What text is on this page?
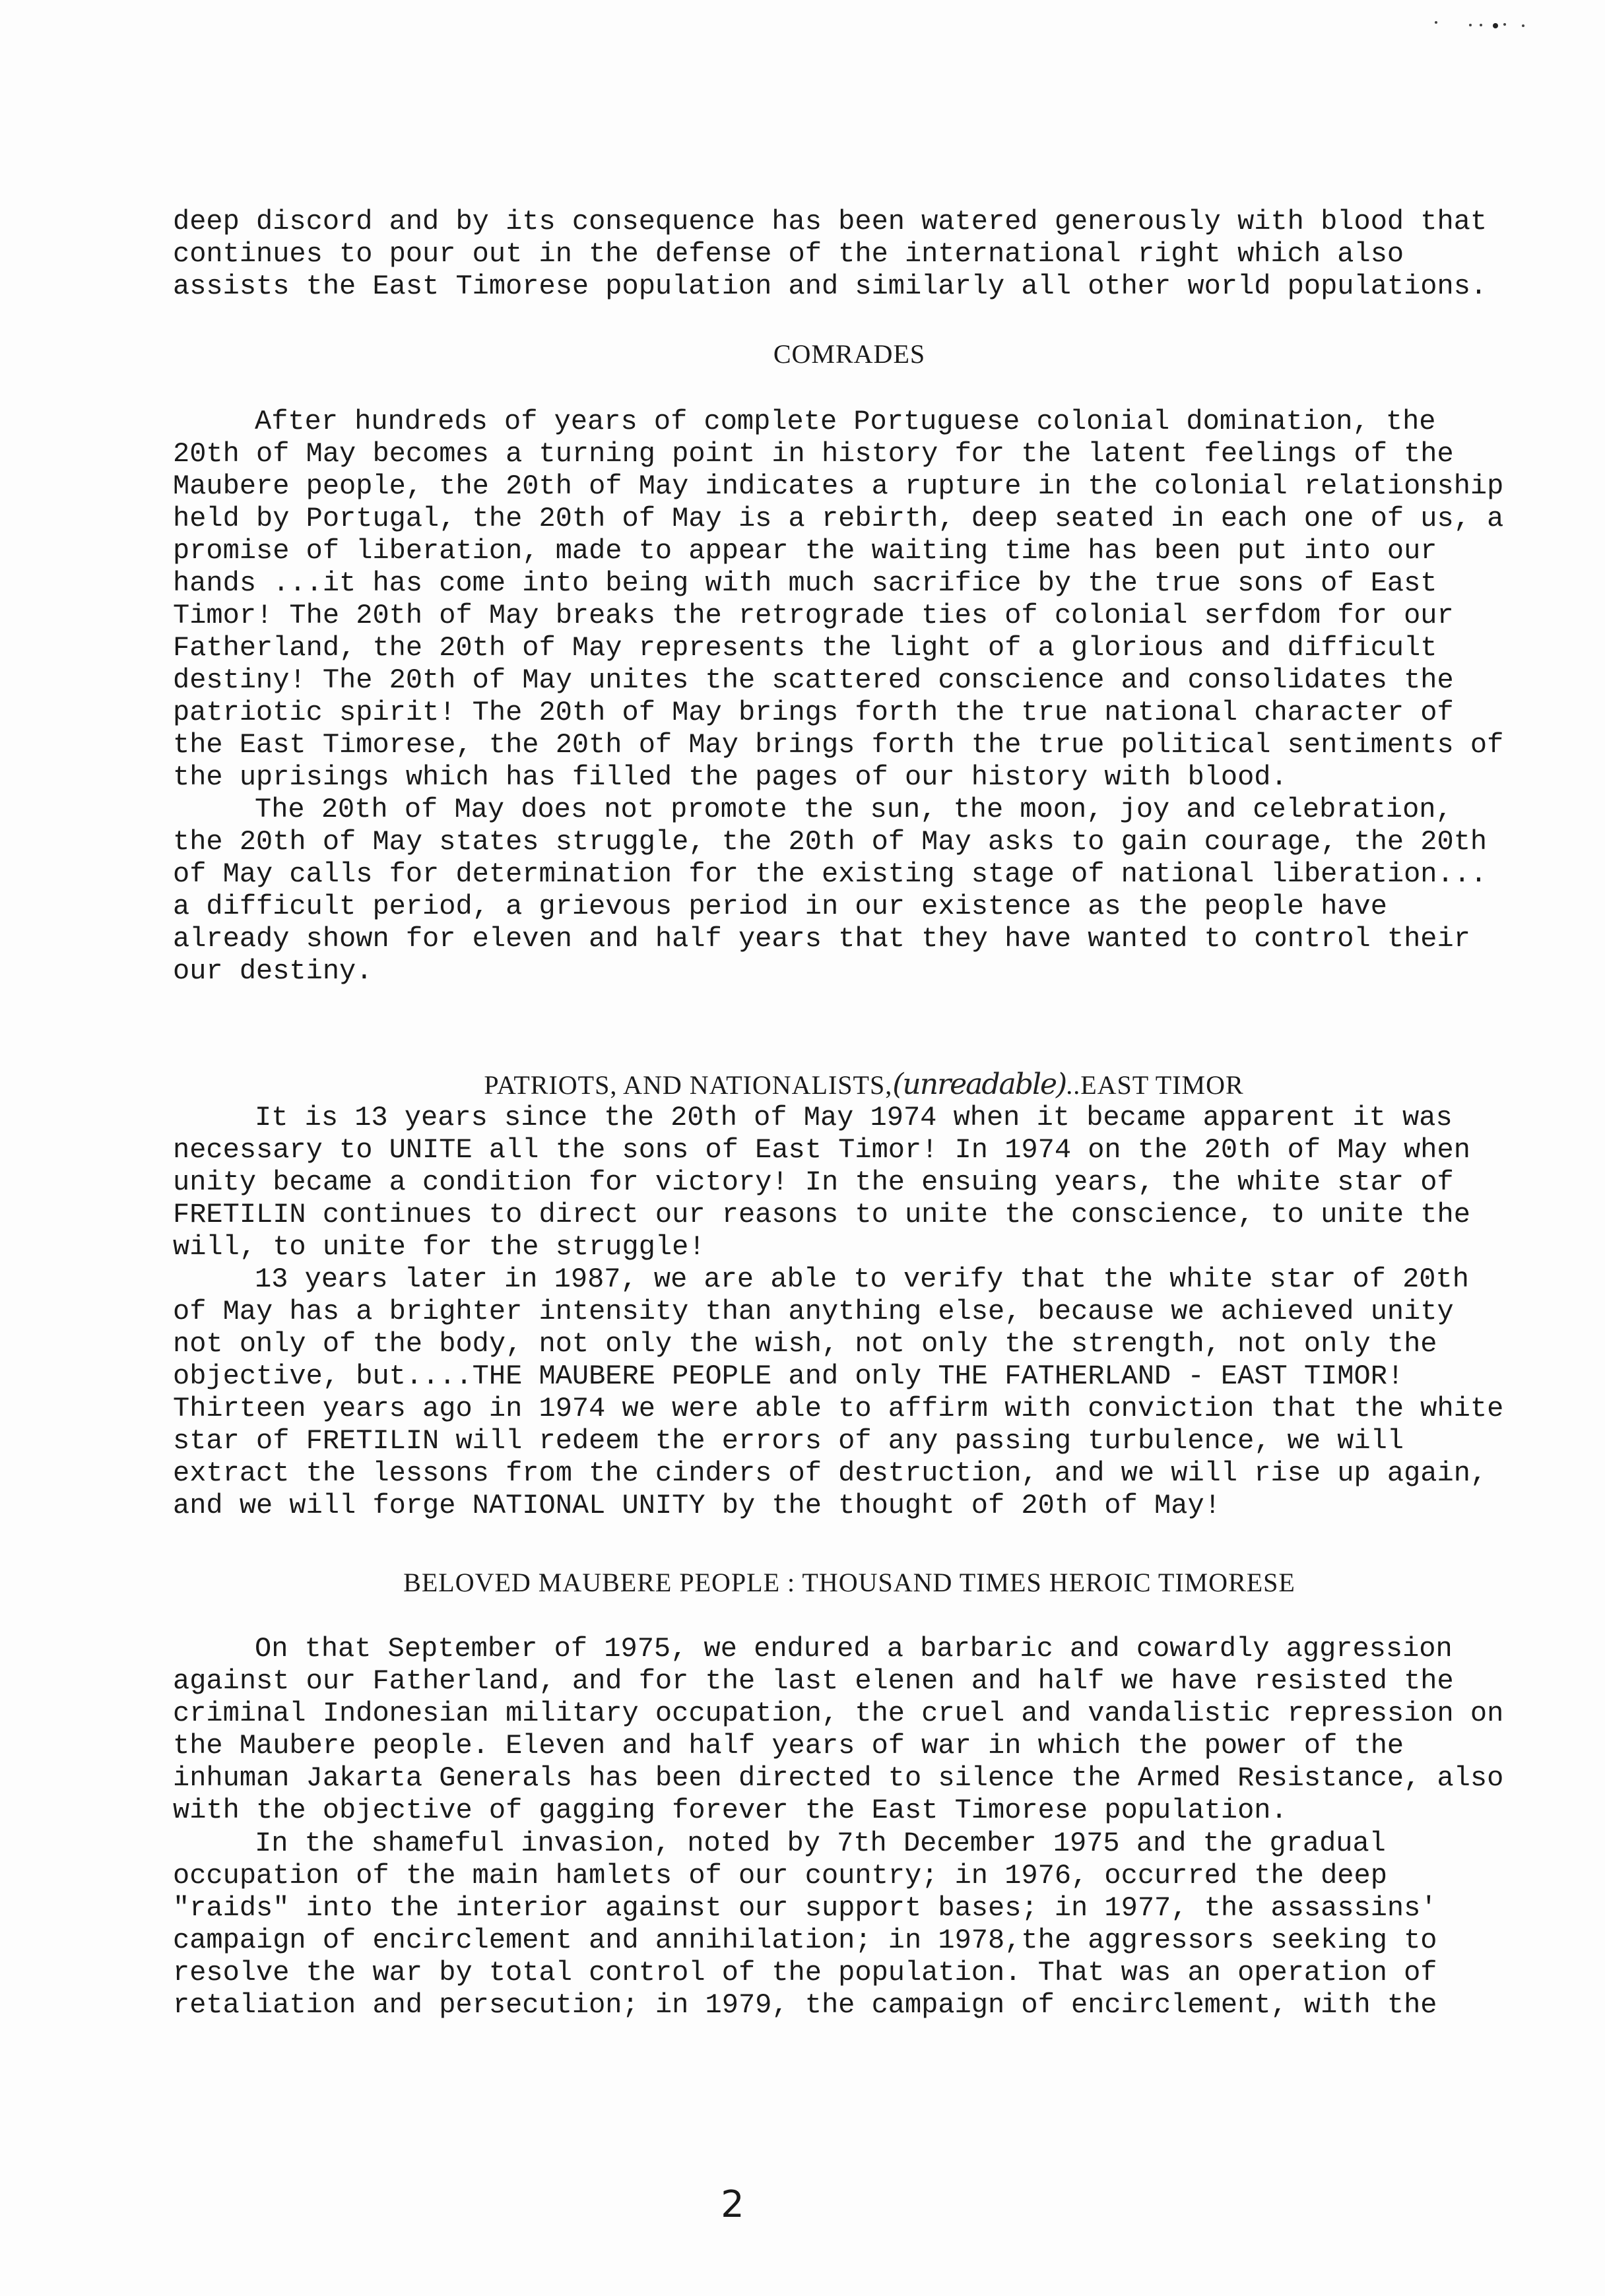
deep discord and by its consequence has been watered generously with blood that
continues to pour out in the defense of the international right which also
assists the East Timorese population and similarly all other world populations.
COMRADES
After hundreds of years of complete Portuguese colonial domination, the
20th of May becomes a turning point in history for the latent feelings of the
Maubere people, the 20th of May indicates a rupture in the colonial relationship
held by Portugal, the 20th of May is a rebirth, deep seated in each one of us, a
promise of liberation, made to appear the waiting time has been put into our
hands ...it has come into being with much sacrifice by the true sons of East
Timor! The 20th of May breaks the retrograde ties of colonial serfdom for our
Fatherland, the 20th of May represents the light of a glorious and difficult
destiny! The 20th of May unites the scattered conscience and consolidates the
patriotic spirit! The 20th of May brings forth the true national character of
the East Timorese, the 20th of May brings forth the true political sentiments of
the uprisings which has filled the pages of our history with blood.
The 20th of May does not promote the sun, the moon, joy and celebration,
the 20th of May states struggle, the 20th of May asks to gain courage, the 20th
of May calls for determination for the existing stage of national liberation...
a difficult period, a grievous period in our existence as the people have
already shown for eleven and half years that they have wanted to control their
our destiny.

PATRIOTS, AND NATIONALISTS,(unreadable)..EAST TIMOR

It is 13 years since the 20th of May 1974 when it became apparent it was
necessary to UNITE all the sons of East Timor! In 1974 on the 20th of May when
unity became a condition for victory! In the ensuing years, the white star of
FRETILIN continues to direct our reasons to unite the conscience, to unite the
will, to unite for the struggle!
13 years later in 1987, we are able to verify that the white star of 20th
of May has a brighter intensity than anything else, because we achieved unity
not only of the body, not only the wish, not only the strength, not only the
objective, but....THE MAUBERE PEOPLE and only THE FATHERLAND - EAST TIMOR!
Thirteen years ago in 1974 we were able to affirm with conviction that the white
star of FRETILIN will redeem the errors of any passing turbulence, we will
extract the lessons from the cinders of destruction, and we will rise up again,
and we will forge NATIONAL UNITY by the thought of 20th of May!
BELOVED MAUBERE PEOPLE : THOUSAND TIMES HEROIC TIMORESE
On that September of 1975, we endured a barbaric and cowardly aggression
against our Fatherland, and for the last elenen and half we have resisted the
criminal Indonesian military occupation, the cruel and vandalistic repression on
the Maubere people. Eleven and half years of war in which the power of the
inhuman Jakarta Generals has been directed to silence the Armed Resistance, also
with the objective of gagging forever the East Timorese population.
In the shameful invasion, noted by 7th December 1975 and the gradual
occupation of the main hamlets of our country; in 1976, occurred the deep
"raids" into the interior against our support bases; in 1977, the assassins'
campaign of encirclement and annihilation; in 1978,the aggressors seeking to
resolve the war by total control of the population. That was an operation of
retaliation and persecution; in 1979, the campaign of encirclement, with the
2
